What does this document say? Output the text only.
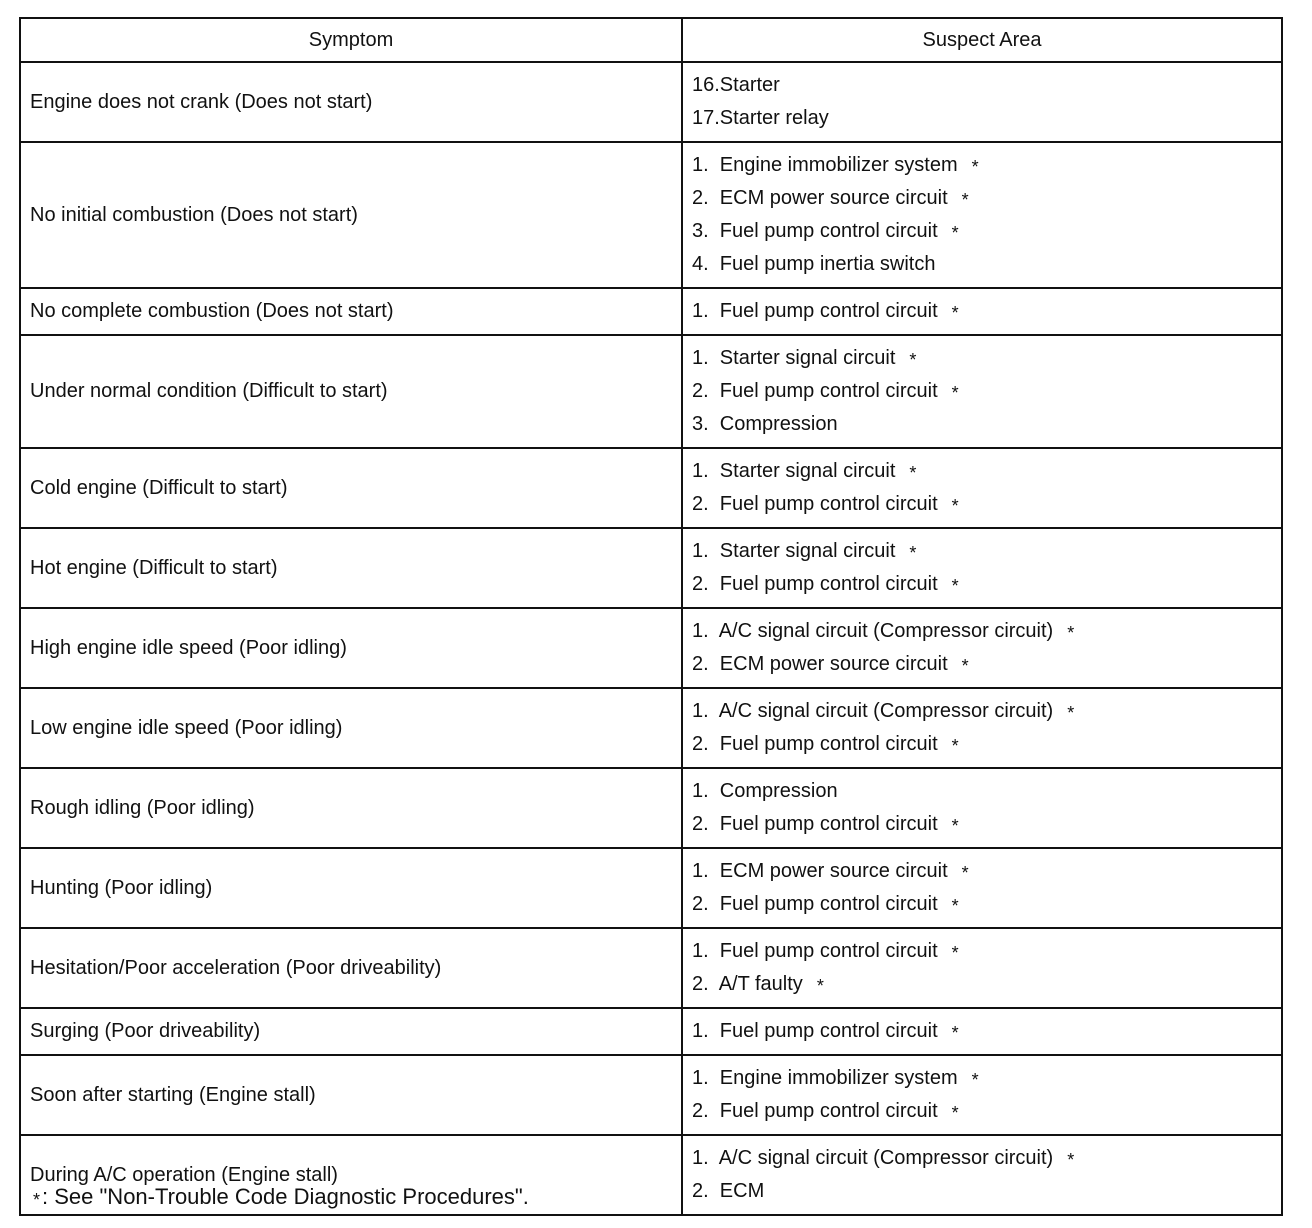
Symptom	Suspect Area
Engine does not crank (Does not start)	16.Starter
17.Starter relay

No initial combustion (Does not start)	1.  Engine immobilizer system *
2.  ECM power source circuit *
3.  Fuel pump control circuit *
4.  Fuel pump inertia switch

No complete combustion (Does not start)	1.  Fuel pump control circuit *

Under normal condition (Difficult to start)	1.  Starter signal circuit *
2.  Fuel pump control circuit *
3.  Compression

Cold engine (Difficult to start)	1.  Starter signal circuit *
2.  Fuel pump control circuit *

Hot engine (Difficult to start)	1.  Starter signal circuit *
2.  Fuel pump control circuit *

High engine idle speed (Poor idling)	1.  A/C signal circuit (Compressor circuit) *
2.  ECM power source circuit *

Low engine idle speed (Poor idling)	1.  A/C signal circuit (Compressor circuit) *
2.  Fuel pump control circuit *

Rough idling (Poor idling)	1.  Compression
2.  Fuel pump control circuit *

Hunting (Poor idling)	1.  ECM power source circuit *
2.  Fuel pump control circuit *

Hesitation/Poor acceleration (Poor driveability)	1.  Fuel pump control circuit *
2.  A/T faulty *

Surging (Poor driveability)	1.  Fuel pump control circuit *

Soon after starting (Engine stall)	1.  Engine immobilizer system *
2.  Fuel pump control circuit *

During A/C operation (Engine stall)	1.  A/C signal circuit (Compressor circuit) *
2.  ECM
*: See "Non-Trouble Code Diagnostic Procedures".
